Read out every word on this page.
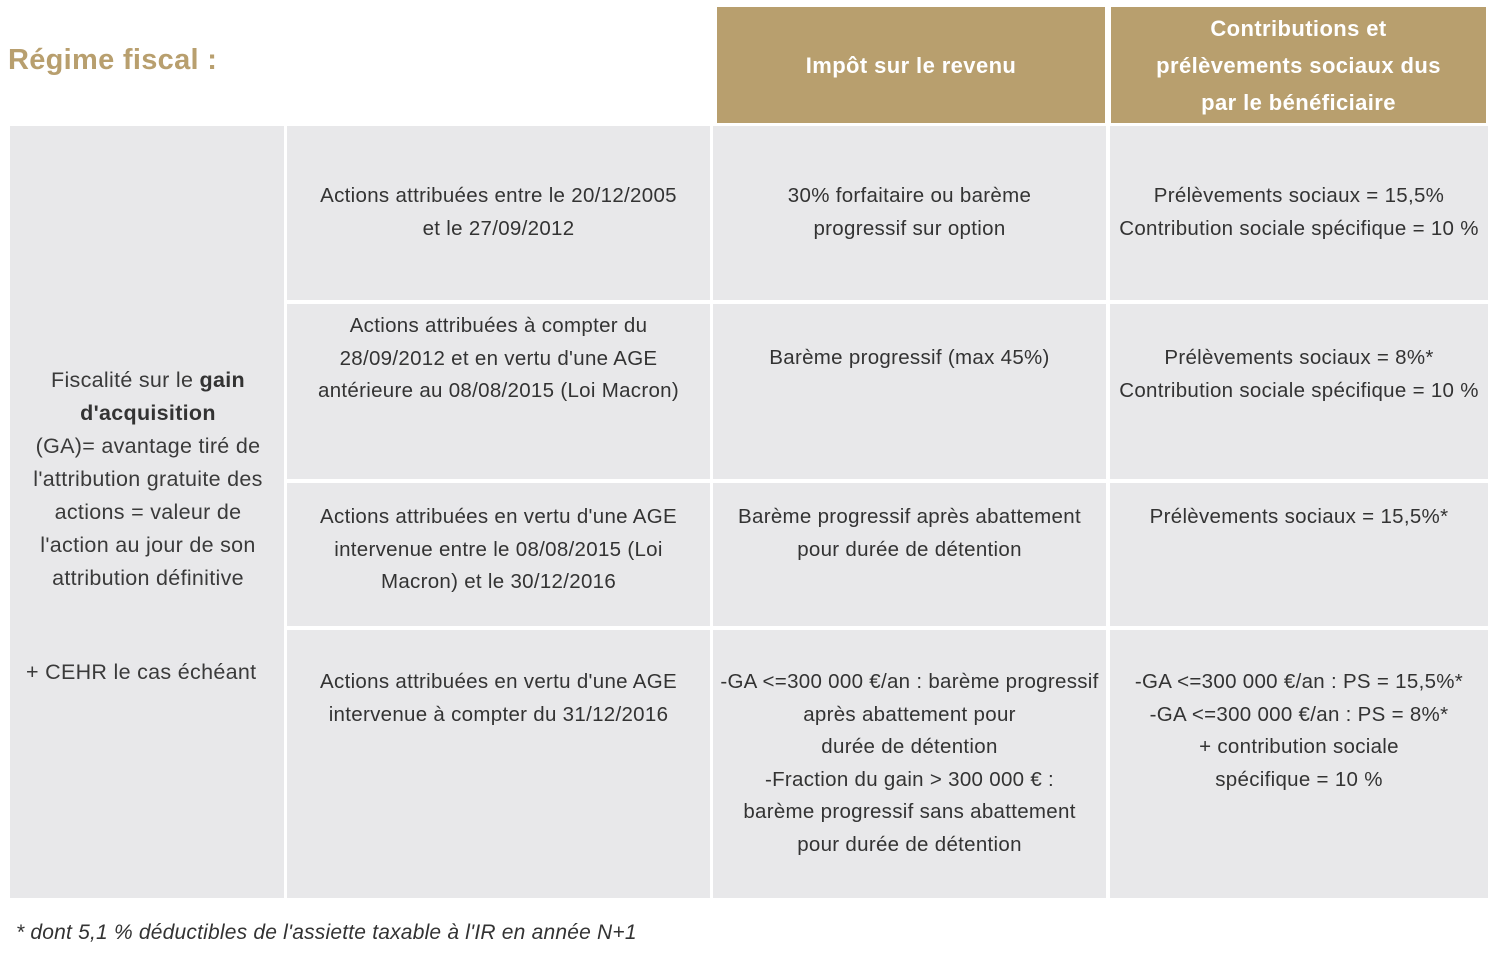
Régime fiscal :	Impôt sur le revenu
Contributions et
prélèvements sociaux dus
par le bénéficiaire
Fiscalité sur le gain
d'acquisition
(GA)= avantage tiré de l'attribution gratuite des actions = valeur de l'action au jour de son attribution définitive
+ CEHR le cas échéant
Actions attribuées entre le 20/12/2005
et le 27/09/2012
30% forfaitaire ou barème
progressif sur option
Prélèvements sociaux = 15,5%
Contribution sociale spécifique = 10 %
Actions attribuées à compter du
28/09/2012 et en vertu d'une AGE
antérieure au 08/08/2015 (Loi Macron)
Barème progressif (max 45%)	Prélèvements sociaux = 8%*
Contribution sociale spécifique = 10 %
Actions attribuées en vertu d'une AGE
intervenue entre le 08/08/2015 (Loi
Macron) et le 30/12/2016
Barème progressif après abattement
pour durée de détention
Prélèvements sociaux = 15,5%*
Actions attribuées en vertu d'une AGE
intervenue à compter du 31/12/2016
-GA <=300 000 €/an : barème progressif
après abattement pour
durée de détention
-Fraction du gain > 300 000 € :
barème progressif sans abattement
pour durée de détention
-GA <=300 000 €/an : PS = 15,5%*
-GA <=300 000 €/an : PS = 8%*
+ contribution sociale
spécifique = 10 %
* dont 5,1 % déductibles de l'assiette taxable à l'IR en année N+1
